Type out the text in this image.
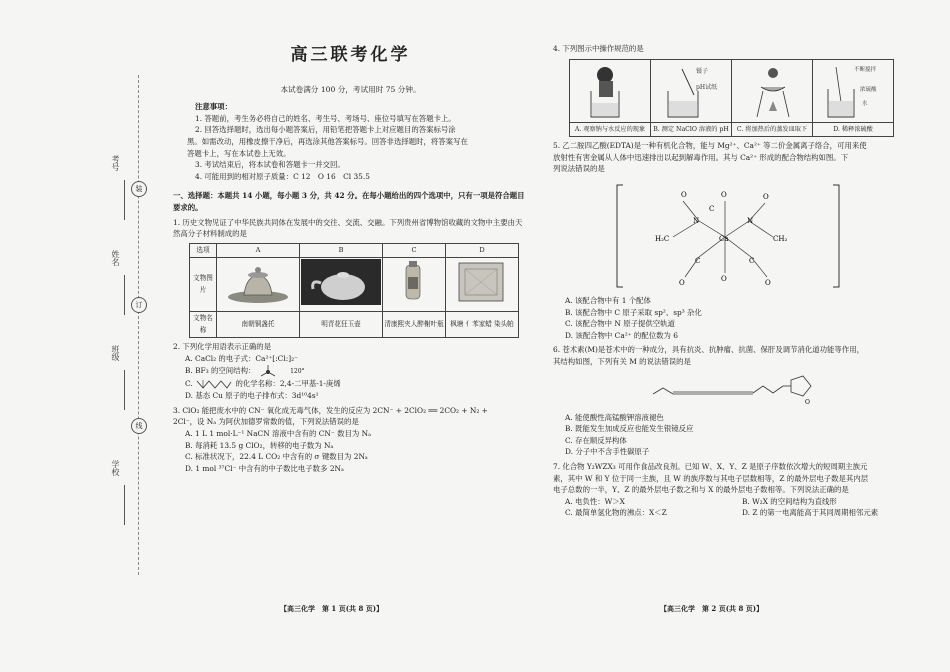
考号
姓名
班级
学校
装
订
线
高三联考化学
本试卷满分 100 分，考试用时 75 分钟。
注意事项：
1. 答题前，考生务必将自己的姓名、考生号、考场号、座位号填写在答题卡上。
2. 回答选择题时，选出每小题答案后，用铅笔把答题卡上对应题目的答案标号涂
黑。如需改动，用橡皮擦干净后，再选涂其他答案标号。回答非选择题时，将答案写在
答题卡上，写在本试卷上无效。
3. 考试结束后，将本试卷和答题卡一并交回。
4. 可能用到的相对原子质量：C 12　O 16　Cl 35.5
一、选择题：本题共 14 小题，每小题 3 分，共 42 分。在每小题给出的四个选项中，只有一项是符合题目要求的。
1. 历史文物见证了中华民族共同体在发展中的交往、交流、交融。下列贵州省博物馆收藏的文物中主要由天然高分子材料制成的是
选项	A	B	C	D
文物图片				
文物名称	南朝铜盏托	明青花狂玉壶	清康熙夹人醉榭叶瓶	枫塘 亻苯家蜡 染头帕
2. 下列化学用语表示正确的是
A. CaCl₂ 的电子式：Ca²⁺[:Cl:]₂⁻
B. BF₃ 的空间结构：	120°
C.	的化学名称：2,4-二甲基-1-庚烯
D. 基态 Cu 原子的电子排布式：3d¹⁰4s¹
3. ClO₂ 能把废水中的 CN⁻ 氧化成无毒气体，发生的反应为 2CN⁻ + 2ClO₂ ══ 2CO₂ + N₂ +
2Cl⁻，设 Nₐ 为阿伏加德罗常数的值，下列说法错误的是
A. 1 L 1 mol·L⁻¹ NaCN 溶液中含有的 CN⁻ 数目为 Nₐ
B. 每消耗 13.5 g ClO₂，转移的电子数为 Nₐ
C. 标准状况下，22.4 L CO₂ 中含有的 σ 键数目为 2Nₐ
D. 1 mol ³⁷Cl⁻ 中含有的中子数比电子数多 2Nₐ
【高三化学　第 1 页(共 8 页)】
4. 下列图示中操作规范的是

镊子
pH试纸		不断搅拌
浓硫酸
水

A. 观察钠与水反应的现象	B. 测定 NaClO 溶液的 pH	C. 将加热后的蒸发皿取下	D. 稀释浓硫酸
5. 乙二胺四乙酸(EDTA)是一种有机化合物，能与 Mg²⁺、Ca²⁺ 等二价金属离子络合，可用来使
放射性有害金属从人体中迅速排出以起到解毒作用。其与 Ca²⁺ 形成的配合物结构如图。下
列说法错误的是
O	O
N
Ca
N
H₂C	CH₂
O
O
O	O
C	C
C
A. 该配合物中有 1 个配体
B. 该配合物中 C 原子采取 sp²、sp³ 杂化
C. 该配合物中 N 原子提供空轨道
D. 该配合物中 Ca²⁺ 的配位数为 6
6. 苍术素(M)是苍术中的一种成分，具有抗炎、抗肿瘤、抗菌、保肝及调节消化道功能等作用，
其结构如图，下列有关 M 的说法错误的是
O
A. 能使酸性高锰酸钾溶液褪色
B. 既能发生加成反应也能发生银镜反应
C. 存在顺反异构体
D. 分子中不含手性碳原子
7. 化合物 Y₂WZX₃ 可用作食品改良剂。已知 W、X、Y、Z 是原子序数依次增大的短周期主族元
素，其中 W 和 Y 位于同一主族，且 W 的族序数与其电子层数相等，Z 的最外层电子数是其内层
电子总数的一半，Y、Z 的最外层电子数之和与 X 的最外层电子数相等。下列说法正确的是
A. 电负性：W＞X	B. W₂X 的空间结构为直线形
C. 最简单氢化物的沸点：X＜Z	D. Z 的第一电离能高于其同周期相邻元素
【高三化学　第 2 页(共 8 页)】
